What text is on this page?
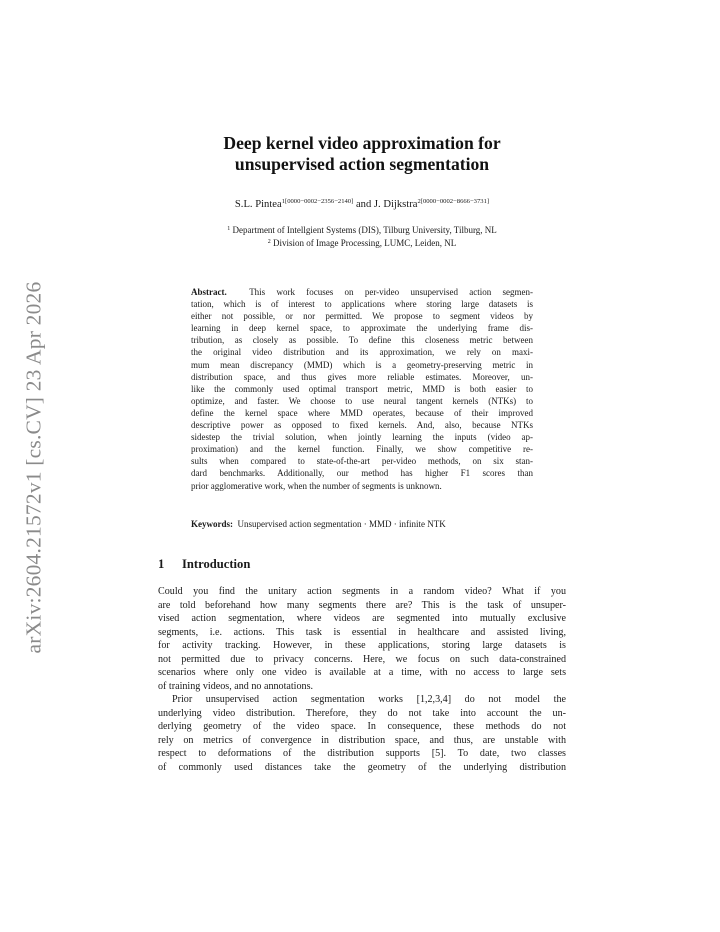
arXiv:2604.21572v1 [cs.CV] 23 Apr 2026
Deep kernel video approximation for
unsupervised action segmentation
S.L. Pintea$^{1[0000-0002-2356-2140]}$ and J. Dijkstra$^{2[0000-0002-8666-3731]}$
$^1$ Department of Intellgient Systems (DIS), Tilburg University, Tilburg, NL
$^2$ Division of Image Processing, LUMC, Leiden, NL
Abstract. This work focuses on per-video unsupervised action segmen-
tation, which is of interest to applications where storing large datasets is
either not possible, or nor permitted. We propose to segment videos by
learning in deep kernel space, to approximate the underlying frame dis-
tribution, as closely as possible. To define this closeness metric between
the original video distribution and its approximation, we rely on maxi-
mum mean discrepancy (MMD) which is a geometry-preserving metric in
distribution space, and thus gives more reliable estimates. Moreover, un-
like the commonly used optimal transport metric, MMD is both easier to
optimize, and faster. We choose to use neural tangent kernels (NTKs) to
define the kernel space where MMD operates, because of their improved
descriptive power as opposed to fixed kernels. And, also, because NTKs
sidestep the trivial solution, when jointly learning the inputs (video ap-
proximation) and the kernel function. Finally, we show competitive re-
sults when compared to state-of-the-art per-video methods, on six stan-
dard benchmarks. Additionally, our method has higher F1 scores than
prior agglomerative work, when the number of segments is unknown.
Keywords: Unsupervised action segmentation · MMD · infinite NTK
1 Introduction
Could you find the unitary action segments in a random video? What if you
are told beforehand how many segments there are? This is the task of unsuper-
vised action segmentation, where videos are segmented into mutually exclusive
segments, i.e. actions. This task is essential in healthcare and assisted living,
for activity tracking. However, in these applications, storing large datasets is
not permitted due to privacy concerns. Here, we focus on such data-constrained
scenarios where only one video is available at a time, with no access to large sets
of training videos, and no annotations.
Prior unsupervised action segmentation works [1,2,3,4] do not model the
underlying video distribution. Therefore, they do not take into account the un-
derlying geometry of the video space. In consequence, these methods do not
rely on metrics of convergence in distribution space, and thus, are unstable with
respect to deformations of the distribution supports [5]. To date, two classes
of commonly used distances take the geometry of the underlying distribution
